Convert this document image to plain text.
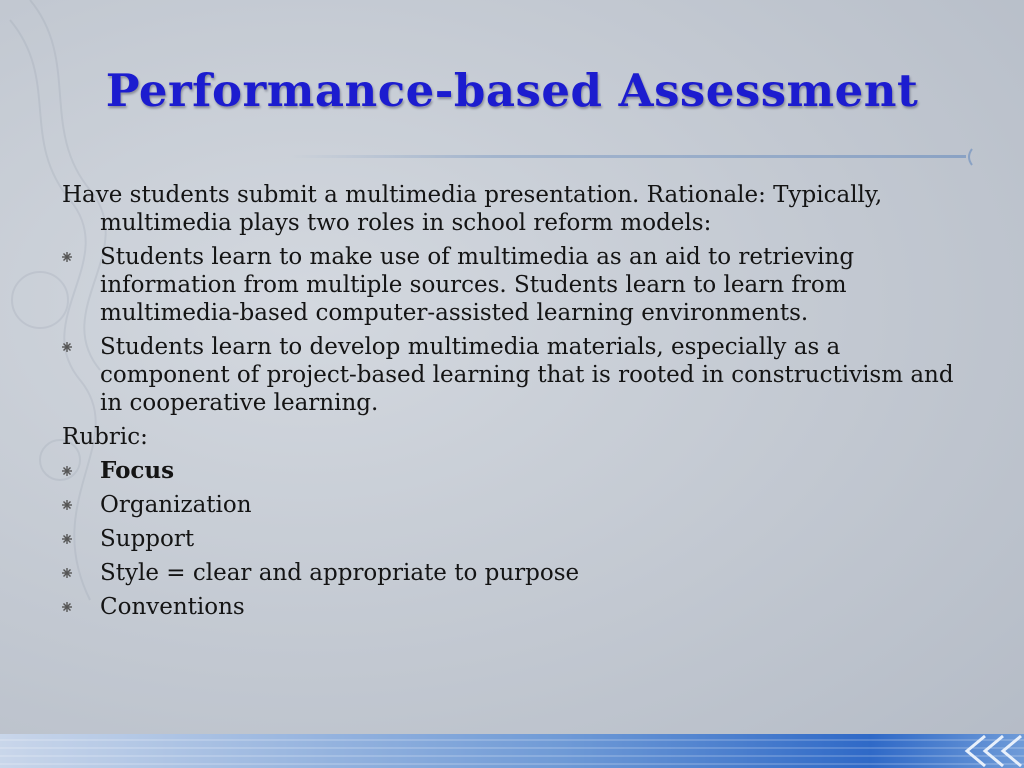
Performance-based Assessment
Have students submit a multimedia presentation. Rationale: Typically, multimedia plays two roles in school reform models:
Students learn to make use of multimedia as an aid to retrieving information from multiple sources. Students learn to learn from multimedia-based computer-assisted learning environments.
Students learn to develop multimedia materials, especially as a component of project-based learning that is rooted in constructivism and in cooperative learning.
Rubric:
Focus
Organization
Support
Style = clear and appropriate to purpose
Conventions
